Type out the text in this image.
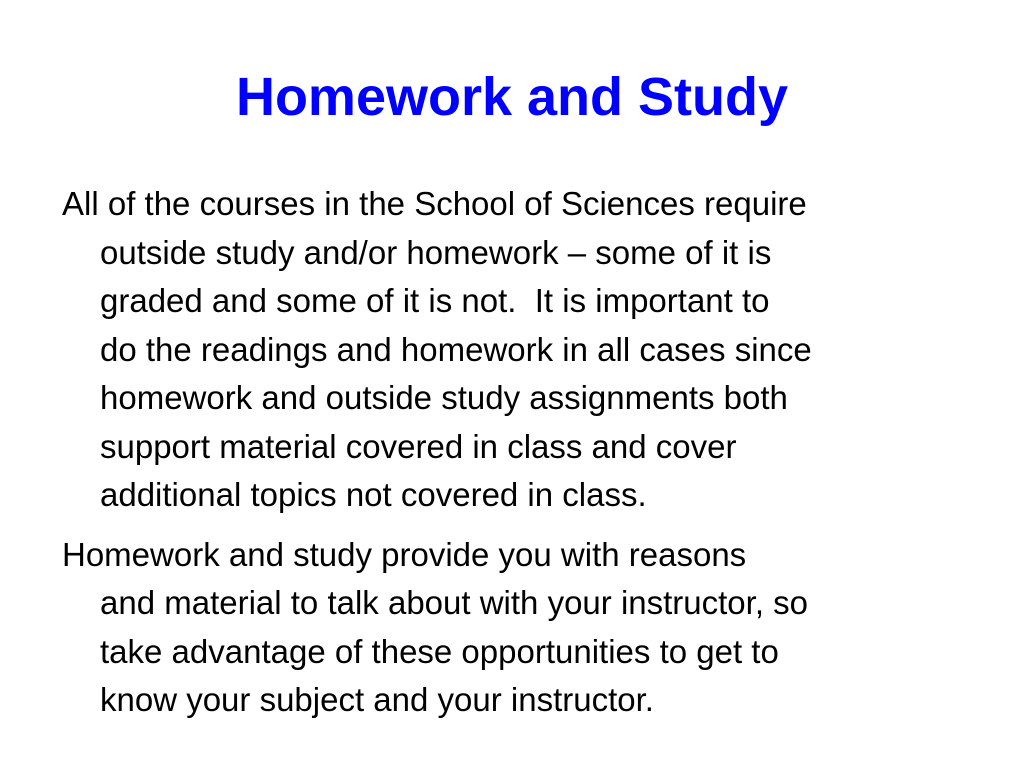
Homework and Study

All of the courses in the School of Sciences require
outside study and/or homework – some of it is
graded and some of it is not.  It is important to
do the readings and homework in all cases since
homework and outside study assignments both
support material covered in class and cover
additional topics not covered in class.

Homework and study provide you with reasons
and material to talk about with your instructor, so
take advantage of these opportunities to get to
know your subject and your instructor.
